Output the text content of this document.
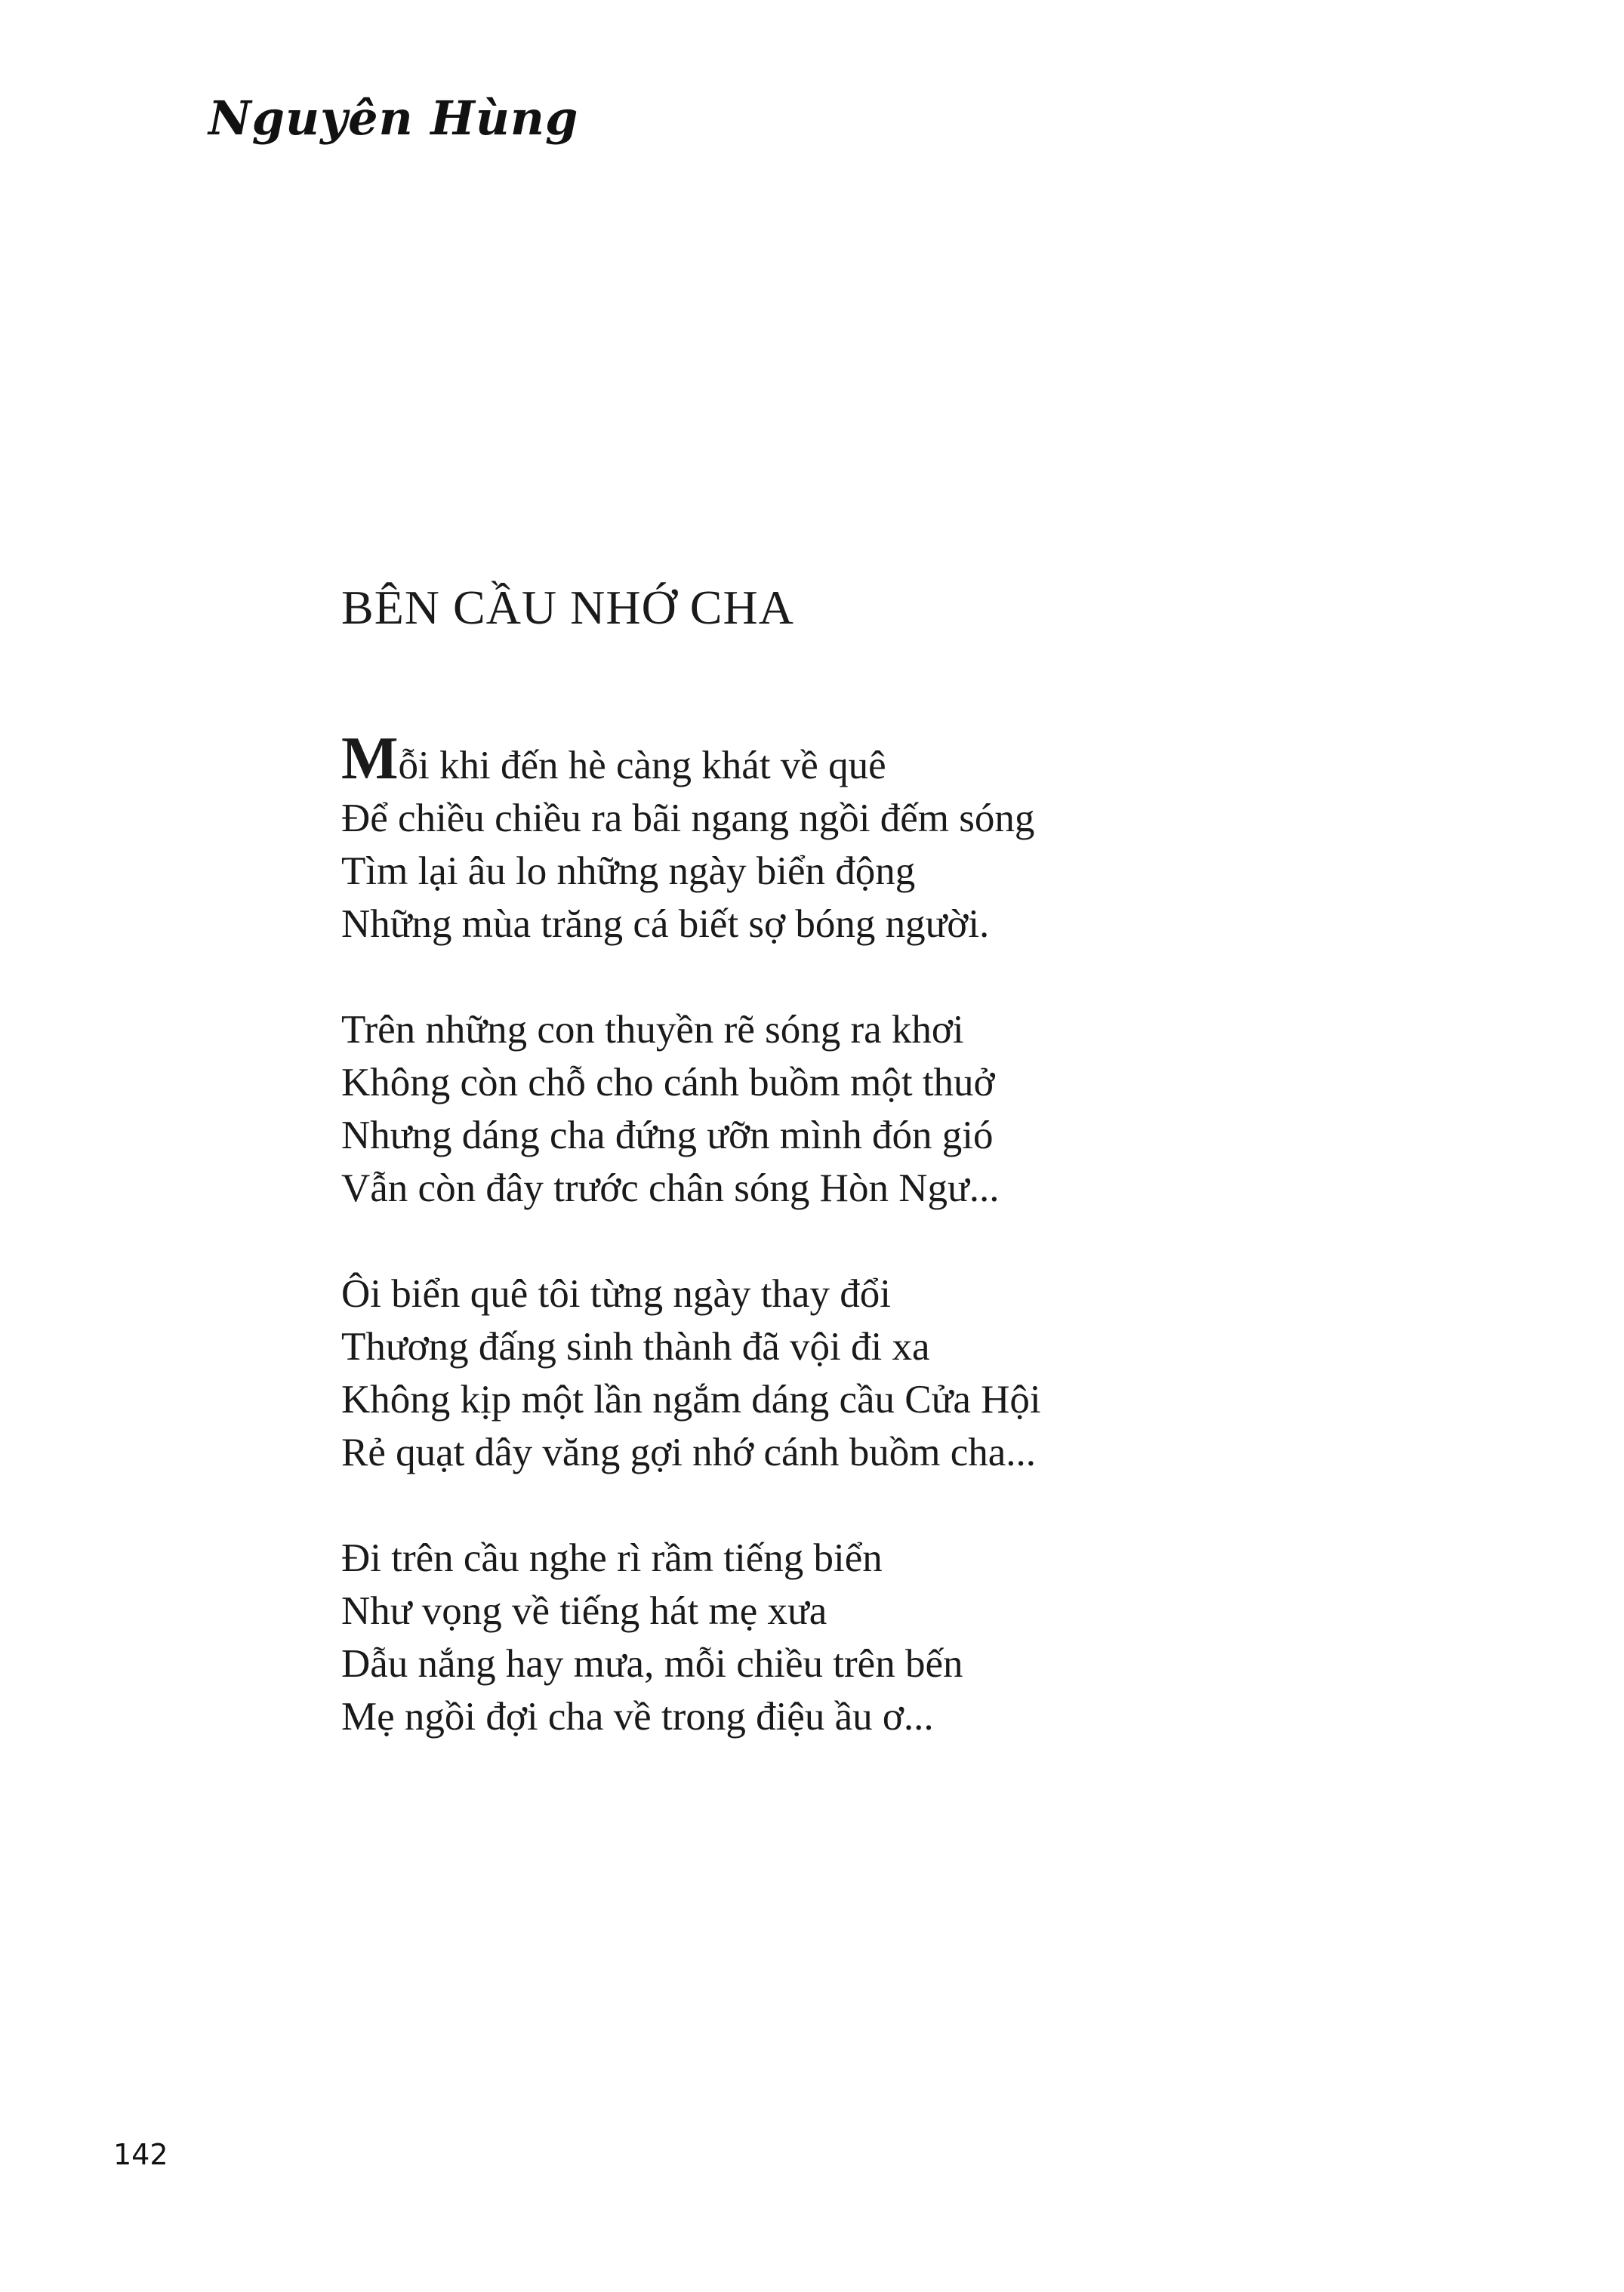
Nguyên Hùng
BÊN CẦU NHỚ CHA
Mỗi khi đến hè càng khát về quê
Để chiều chiều ra bãi ngang ngồi đếm sóng
Tìm lại âu lo những ngày biển động
Những mùa trăng cá biết sợ bóng người.
Trên những con thuyền rẽ sóng ra khơi
Không còn chỗ cho cánh buồm một thuở
Nhưng dáng cha đứng ưỡn mình đón gió
Vẫn còn đây trước chân sóng Hòn Ngư...
Ôi biển quê tôi từng ngày thay đổi
Thương đấng sinh thành đã vội đi xa
Không kịp một lần ngắm dáng cầu Cửa Hội
Rẻ quạt dây văng gợi nhớ cánh buồm cha...
Đi trên cầu nghe rì rầm tiếng biển
Như vọng về tiếng hát mẹ xưa
Dẫu nắng hay mưa, mỗi chiều trên bến
Mẹ ngồi đợi cha về trong điệu ầu ơ...
142
